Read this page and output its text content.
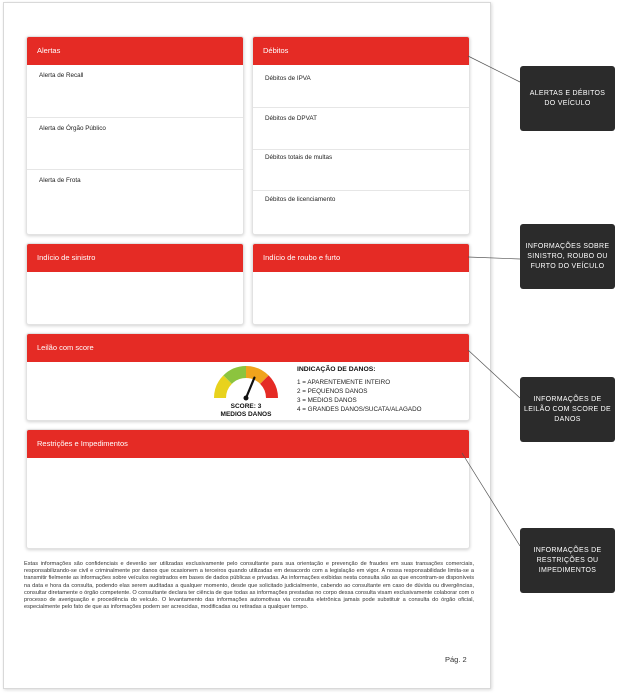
Alertas
Alerta de Recall
Alerta de Órgão Público
Alerta de Frota
Débitos
Débitos de IPVA
Débitos de DPVAT
Débitos totais de multas
Débitos de licenciamento
Indício de sinistro	Indício de roubo e furto
Leilão com score
SCORE: 3
MEDIOS DANOS
INDICAÇÃO DE DANOS:
1 = APARENTEMENTE INTEIRO
2 = PEQUENOS DANOS
3 = MEDIOS DANOS
4 = GRANDES DANOS/SUCATA/ALAGADO
Restrições e Impedimentos
Estas informações são confidenciais e deverão ser utilizadas exclusivamente pelo consultante para sua orientação e prevenção de fraudes em suas transações comerciais, responsabilizando-se civil e criminalmente por danos que ocasionem a terceiros quando utilizadas em desacordo com a legislação em vigor. A nossa responsabilidade limita-se a transmitir fielmente as informações sobre veículos registrados em bases de dados públicas e privadas. As informações exibidas nesta consulta são as que encontram-se disponíveis na data e hora da consulta, podendo elas serem auditadas a qualquer momento, desde que solicitado judicialmente, cabendo ao consultante em caso de dúvida ou divergências, consultar diretamente o órgão competente. O consultante declara ter ciência de que todas as informações prestadas no corpo dessa consulta visam exclusivamente colaborar com o processo de averiguação e procedência do veículo. O levantamento das informações automotivas via consulta eletrônica jamais pode substituir a consulta do órgão oficial, especialmente pelo fato de que as informações podem ser acrescidas, modificadas ou retiradas a qualquer tempo.
Pág. 2
ALERTAS E DÉBITOS DO VEÍCULO
INFORMAÇÕES SOBRE SINISTRO, ROUBO OU FURTO DO VEÍCULO
INFORMAÇÕES DE LEILÃO COM SCORE DE DANOS
INFORMAÇÕES DE RESTRIÇÕES OU IMPEDIMENTOS
